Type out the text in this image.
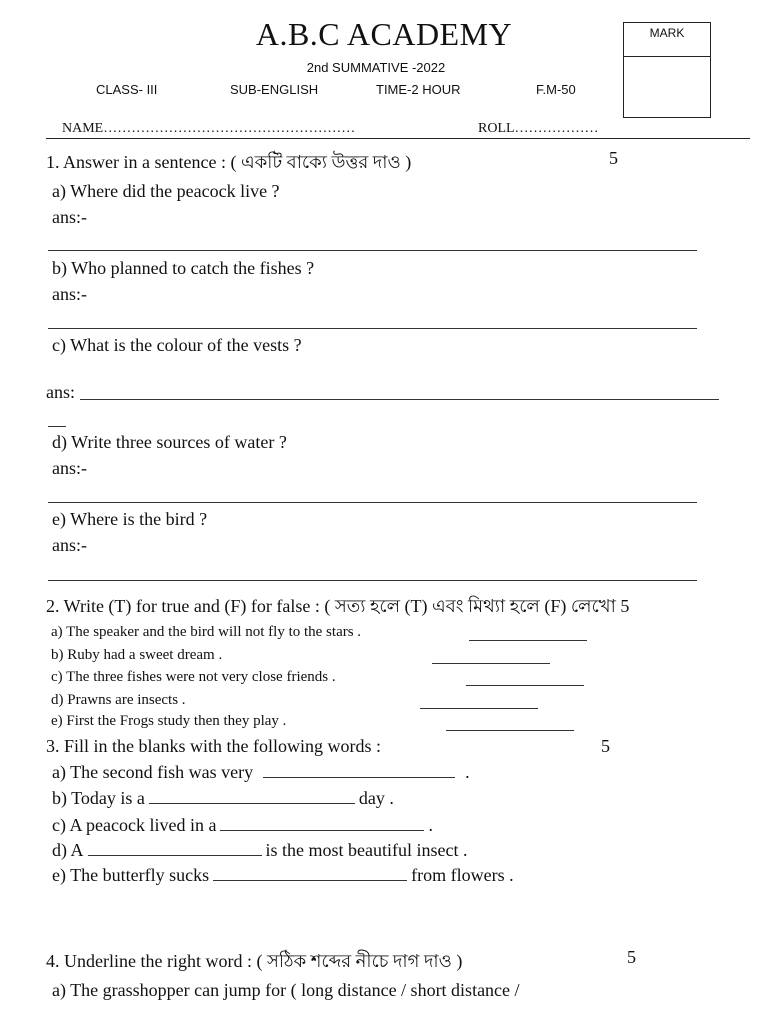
A.B.C ACADEMY	MARK
2nd SUMMATIVE -2022
CLASS- III	SUB-ENGLISH	TIME-2 HOUR	F.M-50
NAME………………………………………………	ROLL………………
1. Answer in a sentence : ( একটি বাক্যে উত্তর দাও )	5
a) Where did the peacock live ?
ans:-
b) Who planned to catch the fishes ?
ans:-
c) What is the colour of the vests ?
ans:
d) Write three sources of water ?
ans:-
e) Where is the bird ?
ans:-
2. Write (T) for true and (F) for false : ( সত্য হলে (T) এবং মিথ্যা হলে (F) লেখো 5
a) The speaker and the bird will not fly to the stars .
b) Ruby had a sweet dream .
c) The three fishes were not very close friends .
d) Prawns are insects .
e) First the Frogs study then they play .
3. Fill in the blanks with the following words :	5
a) The second fish was very	.
b) Today is a	day .
c) A peacock lived in a	.
d) A	is the most beautiful insect .
e) The butterfly sucks	from flowers .
4. Underline the right word : ( সঠিক শব্দের নীচে দাগ দাও )	5
a) The grasshopper can jump for ( long distance / short distance /
